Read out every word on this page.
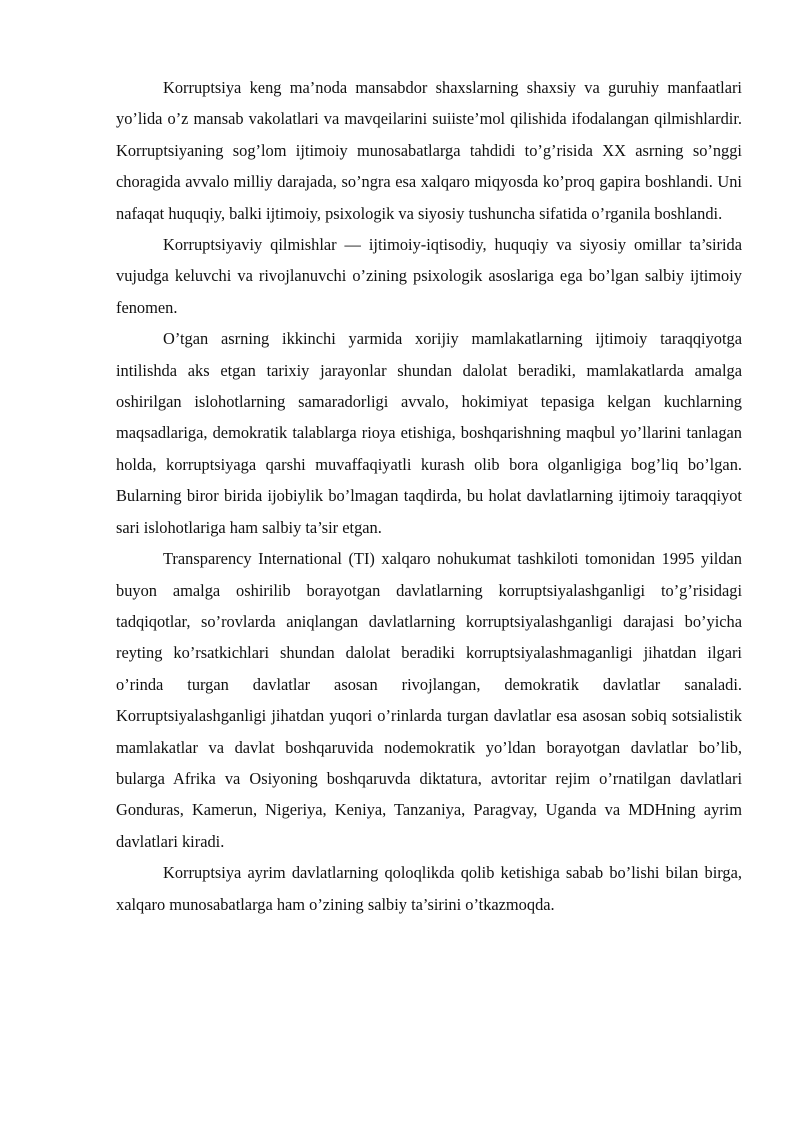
Korruptsiya keng ma’noda mansabdor shaxslarning shaxsiy va guruhiy manfaatlari yo’lida o’z mansab vakolatlari va mavqeilarini suiiste’mol qilishida ifodalangan qilmishlardir. Korruptsiyaning sog’lom ijtimoiy munosabatlarga tahdidi to’g’risida XX asrning so’nggi choragida avvalo milliy darajada, so’ngra esa xalqaro miqyosda ko’proq gapira boshlandi. Uni nafaqat huquqiy, balki ijtimoiy, psixologik va siyosiy tushuncha sifatida o’rganila boshlandi.

Korruptsiyaviy qilmishlar — ijtimoiy-iqtisodiy, huquqiy va siyosiy omillar ta’sirida vujudga keluvchi va rivojlanuvchi o’zining psixologik asoslariga ega bo’lgan salbiy ijtimoiy fenomen.

O’tgan asrning ikkinchi yarmida xorijiy mamlakatlarning ijtimoiy taraqqiyotga intilishda aks etgan tarixiy jarayonlar shundan dalolat beradiki, mamlakatlarda amalga oshirilgan islohotlarning samaradorligi avvalo, hokimiyat tepasiga kelgan kuchlarning maqsadlariga, demokratik talablarga rioya etishiga, boshqarishning maqbul yo’llarini tanlagan holda, korruptsiyaga qarshi muvaffaqiyatli kurash olib bora olganligiga bog’liq bo’lgan. Bularning biror birida ijobiylik bo’lmagan taqdirda, bu holat davlatlarning ijtimoiy taraqqiyot sari islohotlariga ham salbiy ta’sir etgan.

Transparency International (TI) xalqaro nohukumat tashkiloti tomonidan 1995 yildan buyon amalga oshirilib borayotgan davlatlarning korruptsiyalashganligi to’g’risidagi tadqiqotlar, so’rovlarda aniqlangan davlatlarning korruptsiyalashganligi darajasi bo’yicha reyting ko’rsatkichlari shundan dalolat beradiki korruptsiyalashmaganligi jihatdan ilgari o’rinda turgan davlatlar asosan rivojlangan, demokratik davlatlar sanaladi. Korruptsiyalashganligi jihatdan yuqori o’rinlarda turgan davlatlar esa asosan sobiq sotsialistik mamlakatlar va davlat boshqaruvida nodemokratik yo’ldan borayotgan davlatlar bo’lib, bularga Afrika va Osiyoning boshqaruvda diktatura, avtoritar rejim o’rnatilgan davlatlari Gonduras, Kamerun, Nigeriya, Keniya, Tanzaniya, Paragvay, Uganda va MDHning ayrim davlatlari kiradi.

Korruptsiya ayrim davlatlarning qoloqlikda qolib ketishiga sabab bo’lishi bilan birga, xalqaro munosabatlarga ham o’zining salbiy ta’sirini o’tkazmoqda.
